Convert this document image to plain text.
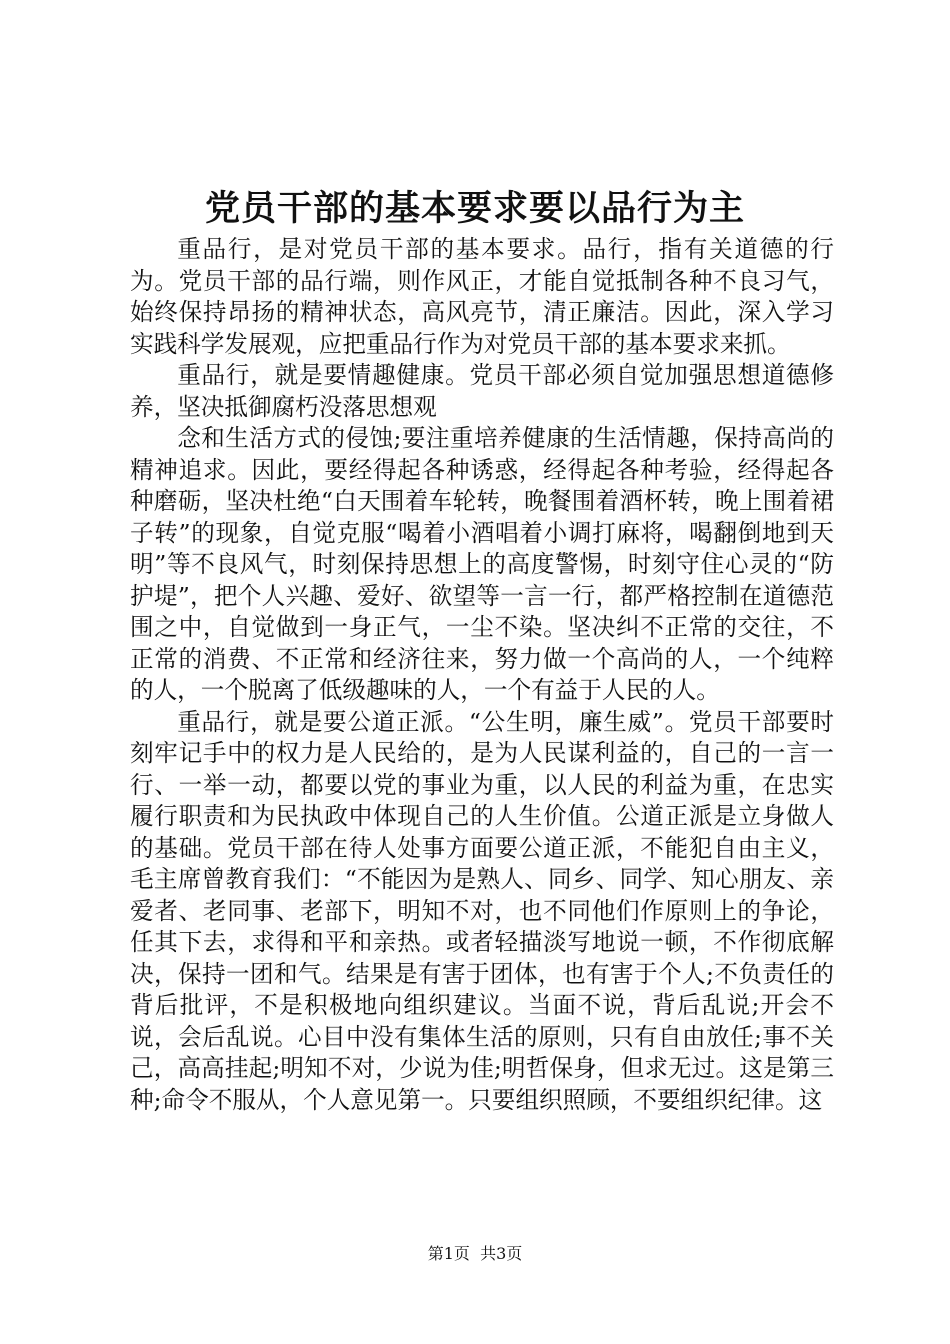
党员干部的基本要求要以品行为主

重品行，是对党员干部的基本要求。品行，指有关道德的行为。党员干部的品行端，则作风正，才能自觉抵制各种不良习气，始终保持昂扬的精神状态，高风亮节，清正廉洁。因此，深入学习实践科学发展观，应把重品行作为对党员干部的基本要求来抓。

重品行，就是要情趣健康。党员干部必须自觉加强思想道德修养，坚决抵御腐朽没落思想观

念和生活方式的侵蚀;要注重培养健康的生活情趣，保持高尚的精神追求。因此，要经得起各种诱惑，经得起各种考验，经得起各种磨砺，坚决杜绝“白天围着车轮转，晚餐围着酒杯转，晚上围着裙子转”的现象，自觉克服“喝着小酒唱着小调打麻将，喝翻倒地到天明”等不良风气，时刻保持思想上的高度警惕，时刻守住心灵的“防护堤”，把个人兴趣、爱好、欲望等一言一行，都严格控制在道德范围之中，自觉做到一身正气，一尘不染。坚决纠不正常的交往，不正常的消费、不正常和经济往来，努力做一个高尚的人，一个纯粹的人，一个脱离了低级趣味的人，一个有益于人民的人。

重品行，就是要公道正派。“公生明，廉生威”。党员干部要时刻牢记手中的权力是人民给的，是为人民谋利益的，自己的一言一行、一举一动，都要以党的事业为重，以人民的利益为重，在忠实履行职责和为民执政中体现自己的人生价值。公道正派是立身做人的基础。党员干部在待人处事方面要公道正派，不能犯自由主义，毛主席曾教育我们：“不能因为是熟人、同乡、同学、知心朋友、亲爱者、老同事、老部下，明知不对，也不同他们作原则上的争论，任其下去，求得和平和亲热。或者轻描淡写地说一顿，不作彻底解决，保持一团和气。结果是有害于团体，也有害于个人;不负责任的背后批评，不是积极地向组织建议。当面不说，背后乱说;开会不说，会后乱说。心目中没有集体生活的原则，只有自由放任;事不关己，高高挂起;明知不对，少说为佳;明哲保身，但求无过。这是第三种;命令不服从，个人意见第一。只要组织照顾，不要组织纪律。这

第1页 共3页
